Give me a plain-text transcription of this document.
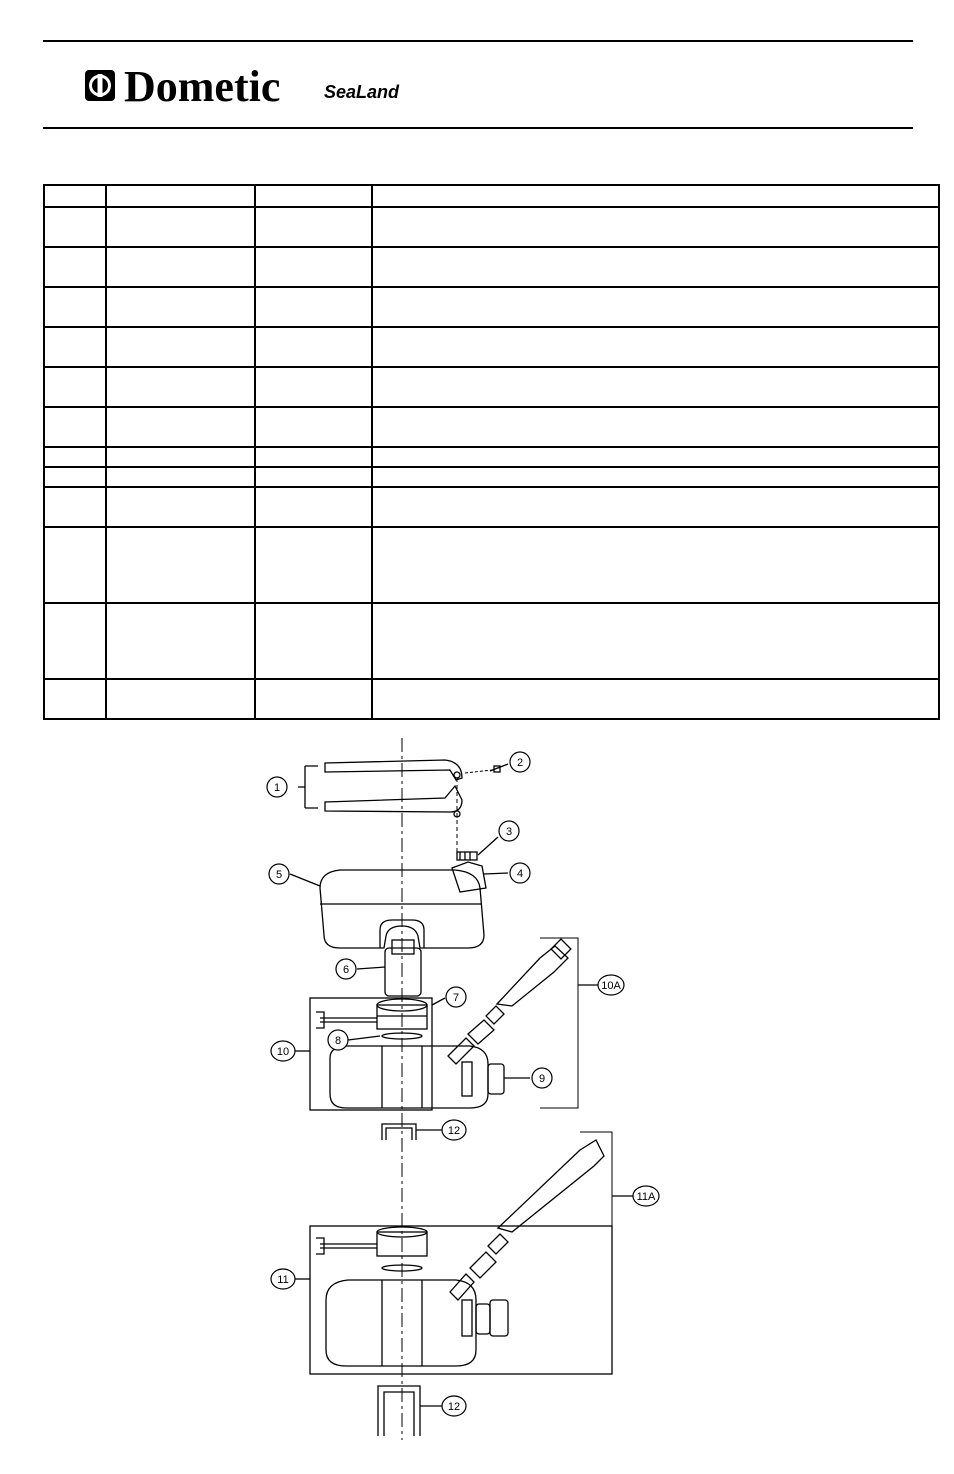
Dometic SeaLand

1
2
3
4
5
6
7
8
9
10
10A
11
11A
12
12
